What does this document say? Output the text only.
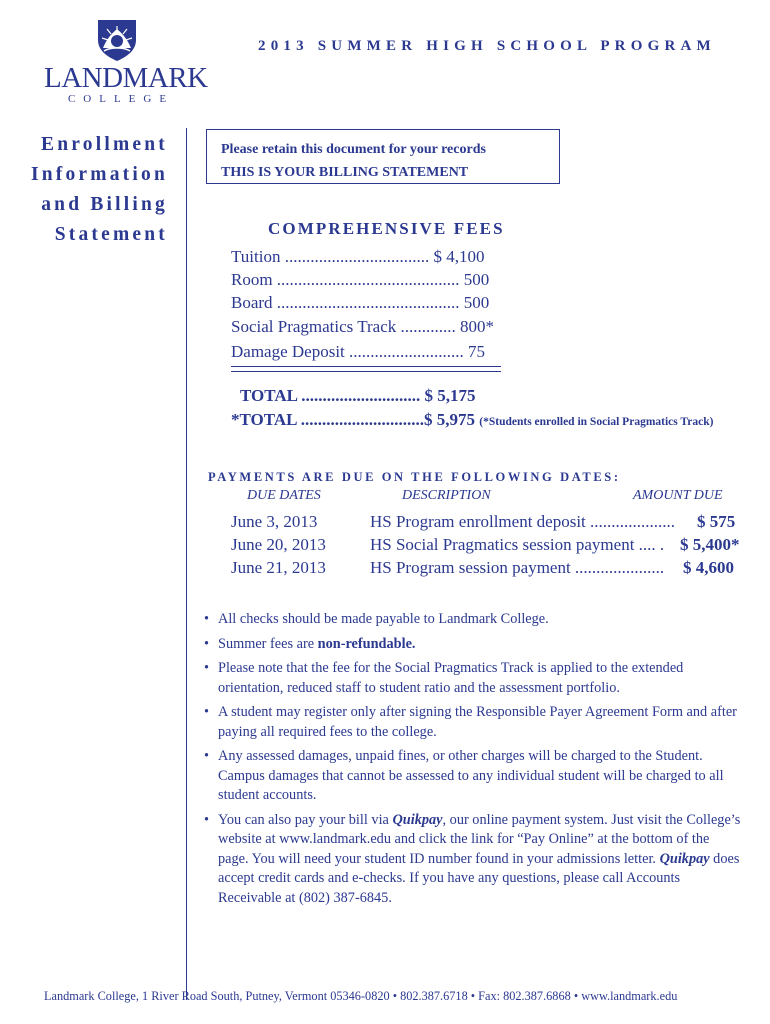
LANDMARK
COLLEGE
2013 SUMMER HIGH SCHOOL PROGRAM
Enrollment
Information
and Billing
Statement
Please retain this document for your records
THIS IS YOUR BILLING STATEMENT
COMPREHENSIVE FEES
Tuition .................................. $ 4,100
Room ........................................... 500
Board ........................................... 500
Social Pragmatics Track ............. 800*
Damage Deposit ........................... 75
TOTAL ............................ $ 5,175
*TOTAL .............................$ 5,975 (*Students enrolled in Social Pragmatics Track)
PAYMENTS ARE DUE ON THE FOLLOWING DATES:
DUE DATES	DESCRIPTION	AMOUNT DUE
June 3, 2013	HS Program enrollment deposit .................... $ 575
June 20, 2013	HS Social Pragmatics session payment .... . $ 5,400*
June 21, 2013	HS Program session payment ..................... $ 4,600
• All checks should be made payable to Landmark College.
• Summer fees are non-refundable.
• Please note that the fee for the Social Pragmatics Track is applied to the extended orientation, reduced staff to student ratio and the assessment portfolio.
• A student may register only after signing the Responsible Payer Agreement Form and after paying all required fees to the college.
• Any assessed damages, unpaid fines, or other charges will be charged to the Student. Campus damages that cannot be assessed to any individual student will be charged to all student accounts.
• You can also pay your bill via Quikpay, our online payment system. Just visit the College’s website at www.landmark.edu and click the link for “Pay Online” at the bottom of the page. You will need your student ID number found in your admissions letter. Quikpay does accept credit cards and e-checks. If you have any questions, please call Accounts Receivable at (802) 387-6845.
Landmark College, 1 River Road South, Putney, Vermont 05346-0820 • 802.387.6718 • Fax: 802.387.6868 • www.landmark.edu
